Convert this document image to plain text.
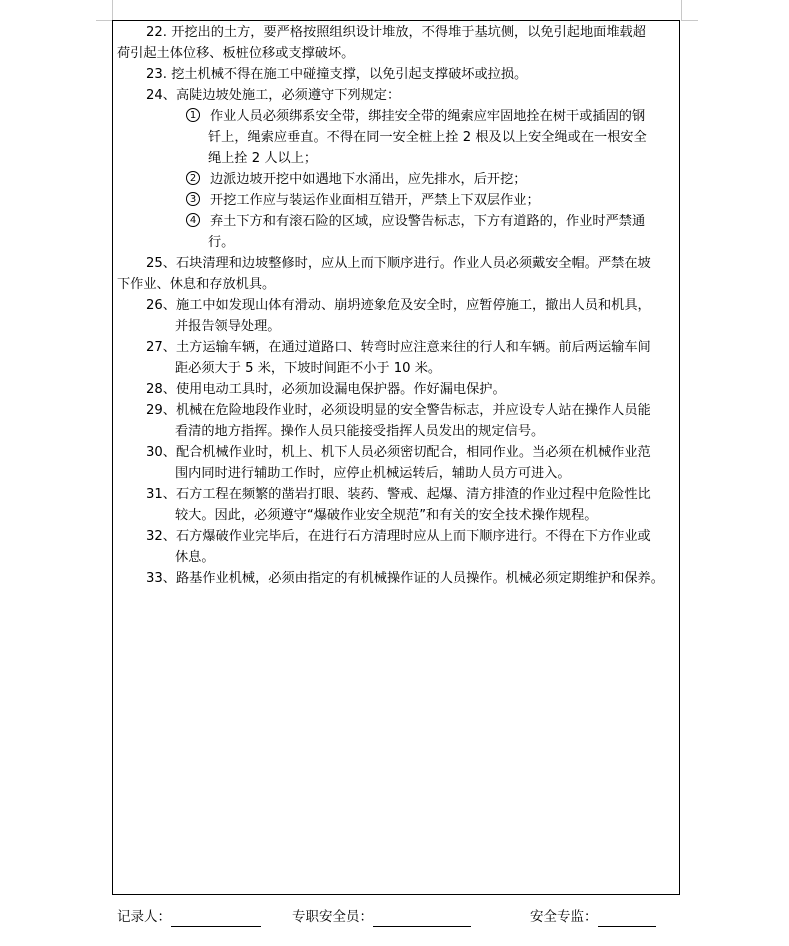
22. 开挖出的土方，要严格按照组织设计堆放，不得堆于基坑侧，以免引起地面堆载超
荷引起土体位移、板桩位移或支撑破坏。
23. 挖土机械不得在施工中碰撞支撑，以免引起支撑破坏或拉损。
24、高陡边坡处施工，必须遵守下列规定：
1 作业人员必须绑系安全带，绑挂安全带的绳索应牢固地拴在树干或插固的钢
钎上，绳索应垂直。不得在同一安全桩上拴 2 根及以上安全绳或在一根安全
绳上拴 2 人以上；
2 边派边坡开挖中如遇地下水涌出，应先排水，后开挖；
3 开挖工作应与装运作业面相互错开，严禁上下双层作业；
4 弃土下方和有滚石险的区域，应设警告标志，下方有道路的，作业时严禁通
行。
25、石块清理和边坡整修时，应从上而下顺序进行。作业人员必须戴安全帽。严禁在坡
下作业、休息和存放机具。
26、施工中如发现山体有滑动、崩坍迹象危及安全时，应暂停施工，撤出人员和机具，
并报告领导处理。
27、土方运输车辆，在通过道路口、转弯时应注意来往的行人和车辆。前后两运输车间
距必须大于 5 米，下坡时间距不小于 10 米。
28、使用电动工具时，必须加设漏电保护器。作好漏电保护。
29、机械在危险地段作业时，必须设明显的安全警告标志，并应设专人站在操作人员能
看清的地方指挥。操作人员只能接受指挥人员发出的规定信号。
30、配合机械作业时，机上、机下人员必须密切配合，相同作业。当必须在机械作业范
围内同时进行辅助工作时，应停止机械运转后，辅助人员方可进入。
31、石方工程在频繁的凿岩打眼、装药、警戒、起爆、清方排渣的作业过程中危险性比
较大。因此，必须遵守“爆破作业安全规范”和有关的安全技术操作规程。
32、石方爆破作业完毕后，在进行石方清理时应从上而下顺序进行。不得在下方作业或
休息。
33、路基作业机械，必须由指定的有机械操作证的人员操作。机械必须定期维护和保养。
记录人：	专职安全员：	安全专监：
